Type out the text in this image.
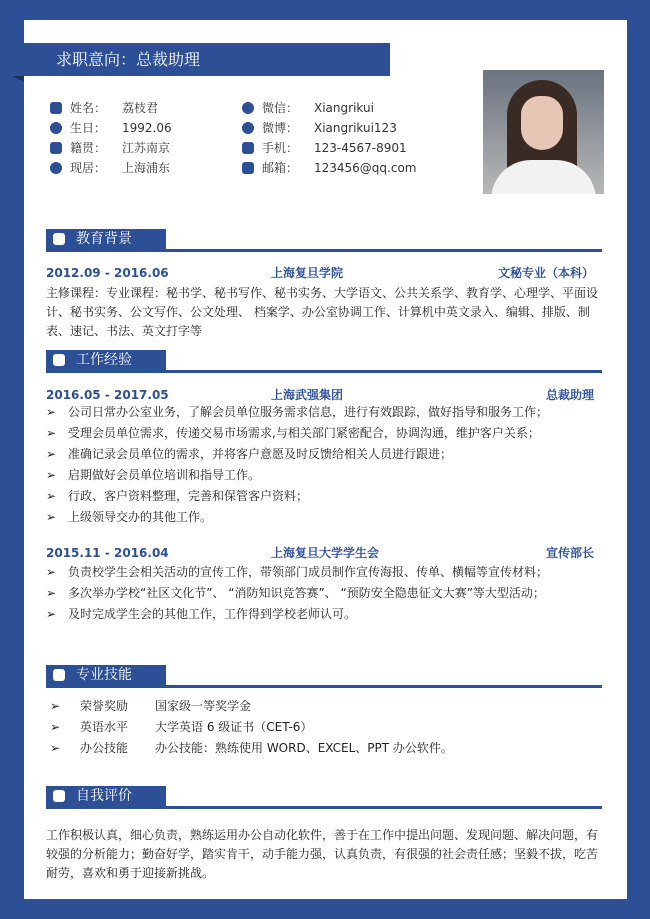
求职意向：总裁助理
姓名： 荔枝君
生日： 1992.06
籍贯： 江苏南京
现居： 上海浦东
微信： Xiangrikui
微博： Xiangrikui123
手机： 123-4567-8901
邮箱： 123456@qq.com
教育背景
2012.09 - 2016.06	上海复旦学院	文秘专业（本科）
主修课程：专业课程：秘书学、秘书写作、秘书实务、大学语文、公共关系学、教育学、心理学、平面设计、秘书实务、公文写作、公文处理、 档案学、办公室协调工作、计算机中英文录入、编辑、排版、制表、速记、书法、英文打字等
工作经验
2016.05 - 2017.05	上海武强集团	总裁助理
➢ 公司日常办公室业务，了解会员单位服务需求信息，进行有效跟踪，做好指导和服务工作；
➢ 受理会员单位需求，传递交易市场需求,与相关部门紧密配合，协调沟通，维护客户关系；
➢ 准确记录会员单位的需求，并将客户意愿及时反馈给相关人员进行跟进；
➢ 启期做好会员单位培训和指导工作。
➢ 行政、客户资料整理，完善和保管客户资料；
➢ 上级领导交办的其他工作。
2015.11 - 2016.04	上海复旦大学学生会	宣传部长
➢ 负责校学生会相关活动的宣传工作，带领部门成员制作宣传海报、传单、横幅等宣传材料；
➢ 多次举办学校“社区文化节”、 “消防知识竞答赛”、 “预防安全隐患征文大赛”等大型活动；
➢ 及时完成学生会的其他工作，工作得到学校老师认可。
专业技能
➢ 荣誉奖励 国家级一等奖学金
➢ 英语水平 大学英语 6 级证书（CET-6）
➢ 办公技能 办公技能：熟练使用 WORD、EXCEL、PPT 办公软件。
自我评价
工作积极认真，细心负责，熟练运用办公自动化软件，善于在工作中提出问题、发现问题、解决问题，有较强的分析能力；勤奋好学，踏实肯干，动手能力强，认真负责，有很强的社会责任感；坚毅不拔，吃苦耐劳，喜欢和勇于迎接新挑战。
